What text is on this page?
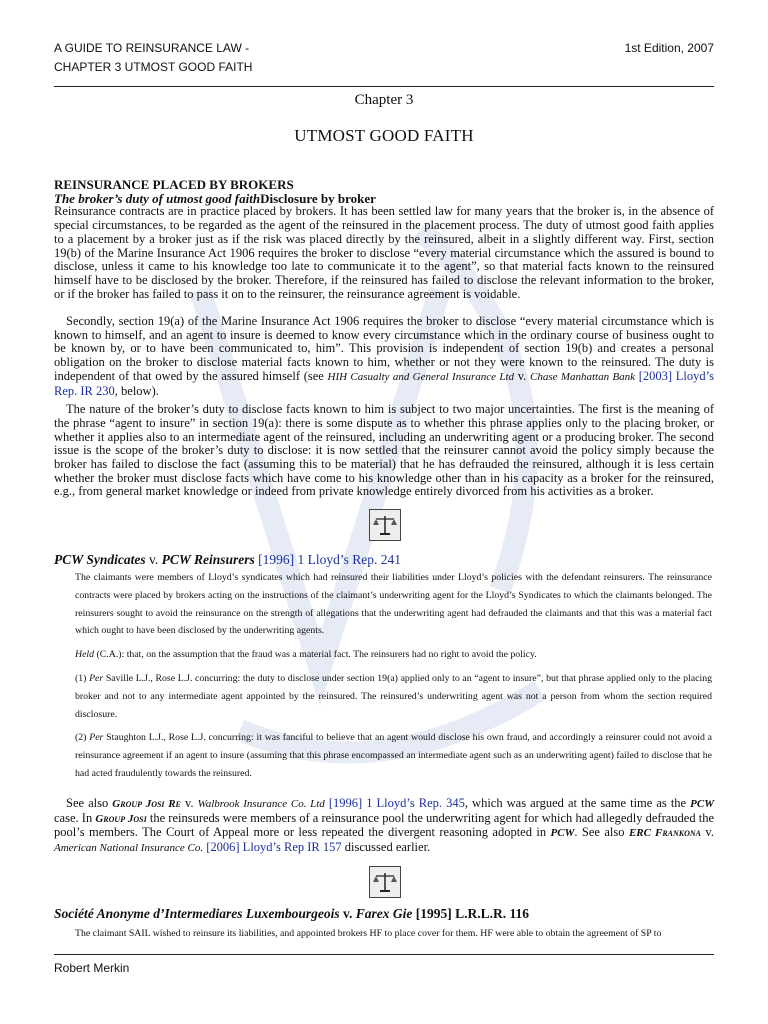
A GUIDE TO REINSURANCE LAW -
CHAPTER 3 UTMOST GOOD FAITH
1st Edition, 2007
Chapter 3
UTMOST GOOD FAITH
REINSURANCE PLACED BY BROKERS
The broker’s duty of utmost good faithDisclosure by broker

Reinsurance contracts are in practice placed by brokers. It has been settled law for many years that the broker is, in the absence of special circumstances, to be regarded as the agent of the reinsured in the placement process. The duty of utmost good faith applies to a placement by a broker just as if the risk was placed directly by the reinsured, albeit in a slightly different way. First, section 19(b) of the Marine Insurance Act 1906 requires the broker to disclose “every material circumstance which the assured is bound to disclose, unless it came to his knowledge too late to communicate it to the agent”, so that material facts known to the reinsured himself have to be disclosed by the broker. Therefore, if the reinsured has failed to disclose the relevant information to the broker, or if the broker has failed to pass it on to the reinsurer, the reinsurance agreement is voidable.

Secondly, section 19(a) of the Marine Insurance Act 1906 requires the broker to disclose “every material circumstance which is known to himself, and an agent to insure is deemed to know every circumstance which in the ordinary course of business ought to be known by, or to have been communicated to, him”. This provision is independent of section 19(b) and creates a personal obligation on the broker to disclose material facts known to him, whether or not they were known to the reinsured. The duty is independent of that owed by the assured himself (see HIH Casualty and General Insurance Ltd v. Chase Manhattan Bank [2003] Lloyd’s Rep. IR 230, below).

The nature of the broker’s duty to disclose facts known to him is subject to two major uncertainties. The first is the meaning of the phrase “agent to insure” in section 19(a): there is some dispute as to whether this phrase applies only to the placing broker, or whether it applies also to an intermediate agent of the reinsured, including an underwriting agent or a producing broker. The second issue is the scope of the broker’s duty to disclose: it is now settled that the reinsurer cannot avoid the policy simply because the broker has failed to disclose the fact (assuming this to be material) that he has defrauded the reinsured, although it is less certain whether the broker must disclose facts which have come to his knowledge other than in his capacity as a broker for the reinsured, e.g., from general market knowledge or indeed from private knowledge entirely divorced from his activities as a broker.

PCW Syndicates v. PCW Reinsurers [1996] 1 Lloyd’s Rep. 241

The claimants were members of Lloyd’s syndicates which had reinsured their liabilities under Lloyd’s policies with the defendant reinsurers. The reinsurance contracts were placed by brokers acting on the instructions of the claimant’s underwriting agent for the Lloyd’s Syndicates to which the claimants belonged. The reinsurers sought to avoid the reinsurance on the strength of allegations that the underwriting agent had defrauded the claimants and that this was a material fact which ought to have been disclosed by the underwriting agents.

Held (C.A.): that, on the assumption that the fraud was a material fact. The reinsurers had no right to avoid the policy.

(1) Per Saville L.J., Rose L.J. concurring: the duty to disclose under section 19(a) applied only to an “agent to insure”, but that phrase applied only to the placing broker and not to any intermediate agent appointed by the reinsured. The reinsured’s underwriting agent was not a person from whom the section required disclosure.

(2) Per Staughton L.J., Rose L.J. concurring: it was fanciful to believe that an agent would disclose his own fraud, and accordingly a reinsurer could not avoid a reinsurance agreement if an agent to insure (assuming that this phrase encompassed an intermediate agent such as an underwriting agent) failed to disclose that he had acted fraudulently towards the reinsured.

See also Group Josi Re v. Walbrook Insurance Co. Ltd [1996] 1 Lloyd’s Rep. 345, which was argued at the same time as the PCW case. In Group Josi the reinsureds were members of a reinsurance pool the underwriting agent for which had allegedly defrauded the pool’s members. The Court of Appeal more or less repeated the divergent reasoning adopted in PCW. See also ERC Frankona v. American National Insurance Co. [2006] Lloyd’s Rep IR 157 discussed earlier.
Société Anonyme d’Intermediares Luxembourgeois v. Farex Gie [1995] L.R.L.R. 116

The claimant SAIL wished to reinsure its liabilities, and appointed brokers HF to place cover for them. HF were able to obtain the agreement of SP to

Robert Merkin
